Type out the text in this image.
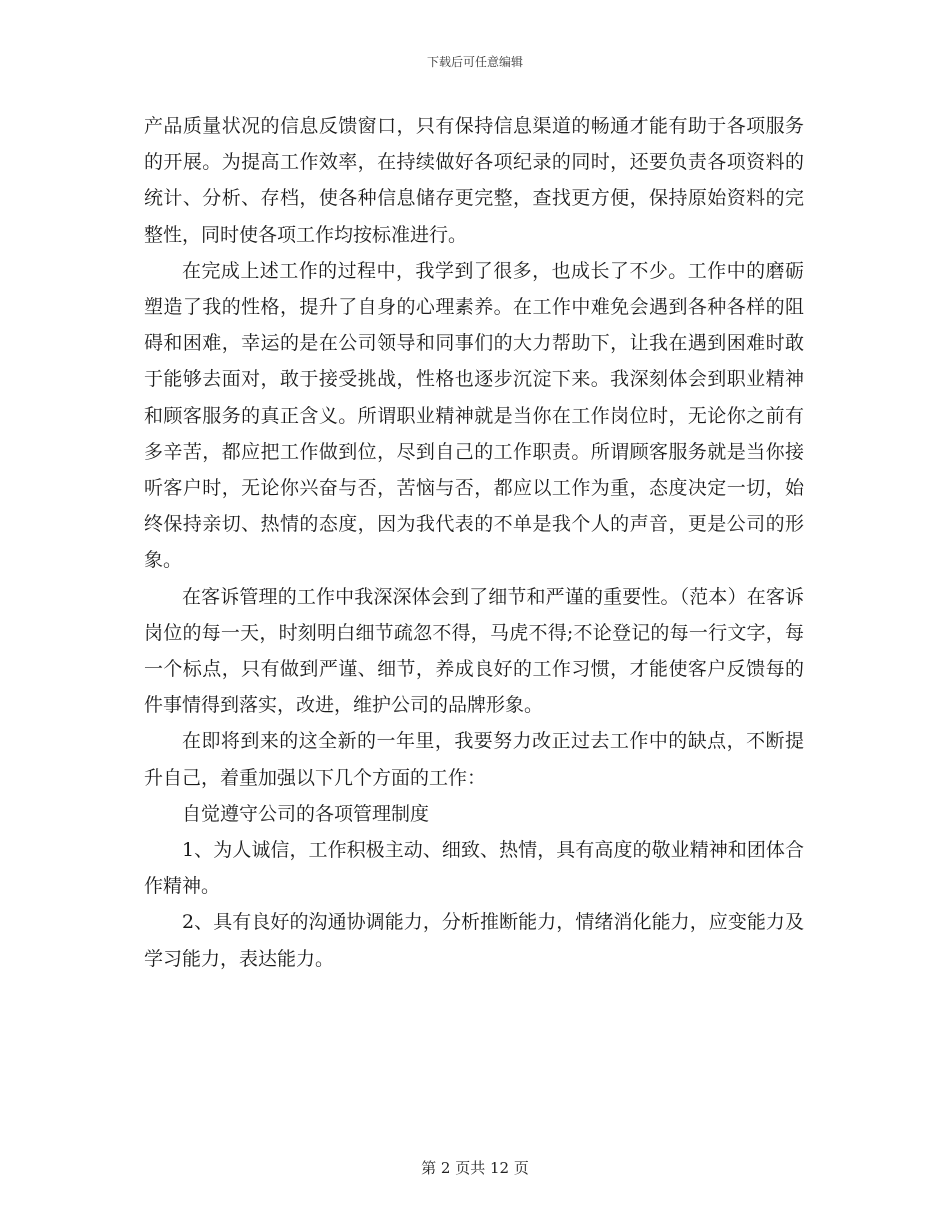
下载后可任意编辑

产品质量状况的信息反馈窗口，只有保持信息渠道的畅通才能有助于各项服务的开展。为提高工作效率，在持续做好各项纪录的同时，还要负责各项资料的统计、分析、存档，使各种信息储存更完整，查找更方便，保持原始资料的完整性，同时使各项工作均按标准进行。

在完成上述工作的过程中，我学到了很多，也成长了不少。工作中的磨砺塑造了我的性格，提升了自身的心理素养。在工作中难免会遇到各种各样的阻碍和困难，幸运的是在公司领导和同事们的大力帮助下，让我在遇到困难时敢于能够去面对，敢于接受挑战，性格也逐步沉淀下来。我深刻体会到职业精神和顾客服务的真正含义。所谓职业精神就是当你在工作岗位时，无论你之前有多辛苦，都应把工作做到位，尽到自己的工作职责。所谓顾客服务就是当你接听客户时，无论你兴奋与否，苦恼与否，都应以工作为重，态度决定一切，始终保持亲切、热情的态度，因为我代表的不单是我个人的声音，更是公司的形象。

在客诉管理的工作中我深深体会到了细节和严谨的重要性。（范本）在客诉岗位的每一天，时刻明白细节疏忽不得，马虎不得;不论登记的每一行文字，每一个标点，只有做到严谨、细节，养成良好的工作习惯，才能使客户反馈每的件事情得到落实，改进，维护公司的品牌形象。

在即将到来的这全新的一年里，我要努力改正过去工作中的缺点，不断提升自己，着重加强以下几个方面的工作：

自觉遵守公司的各项管理制度

1、为人诚信，工作积极主动、细致、热情，具有高度的敬业精神和团体合作精神。

2、具有良好的沟通协调能力，分析推断能力，情绪消化能力，应变能力及学习能力，表达能力。

第 2 页共 12 页
